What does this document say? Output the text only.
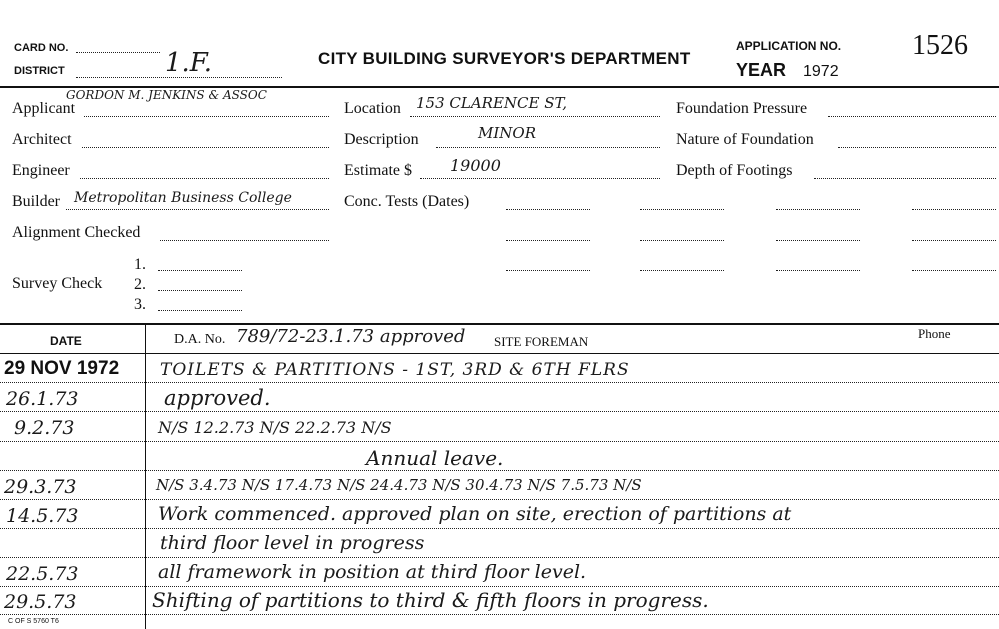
CARD NO.
DISTRICT	1.F.	CITY BUILDING SURVEYOR'S DEPARTMENT
APPLICATION NO.	1526
YEAR 1972
Applicant
GORDON M. JENKINS & ASSOC
Architect
Engineer
Builder Metropolitan Business College
Alignment Checked
Survey Check
1.
2.
3.
Location 153 CLARENCE ST,
Description	MINOR
Estimate $ 19000
Conc. Tests (Dates)
Foundation Pressure
Nature of Foundation
Depth of Footings
DATE	D.A. No. 789/72-23.1.73 approved SITE FOREMAN
Phone
29 NOV 1972 TOILETS & PARTITIONS - 1ST, 3RD & 6TH FLRS
26.1.73	approved.
9.2.73	N/S 12.2.73 N/S 22.2.73 N/S
Annual leave.
29.3.73	N/S 3.4.73 N/S 17.4.73 N/S 24.4.73 N/S 30.4.73 N/S 7.5.73 N/S
14.5.73	Work commenced. approved plan on site, erection of partitions at
third floor level in progress
22.5.73	all framework in position at third floor level.
29.5.73	Shifting of partitions to third & fifth floors in progress.
C OF S 5760 T6
